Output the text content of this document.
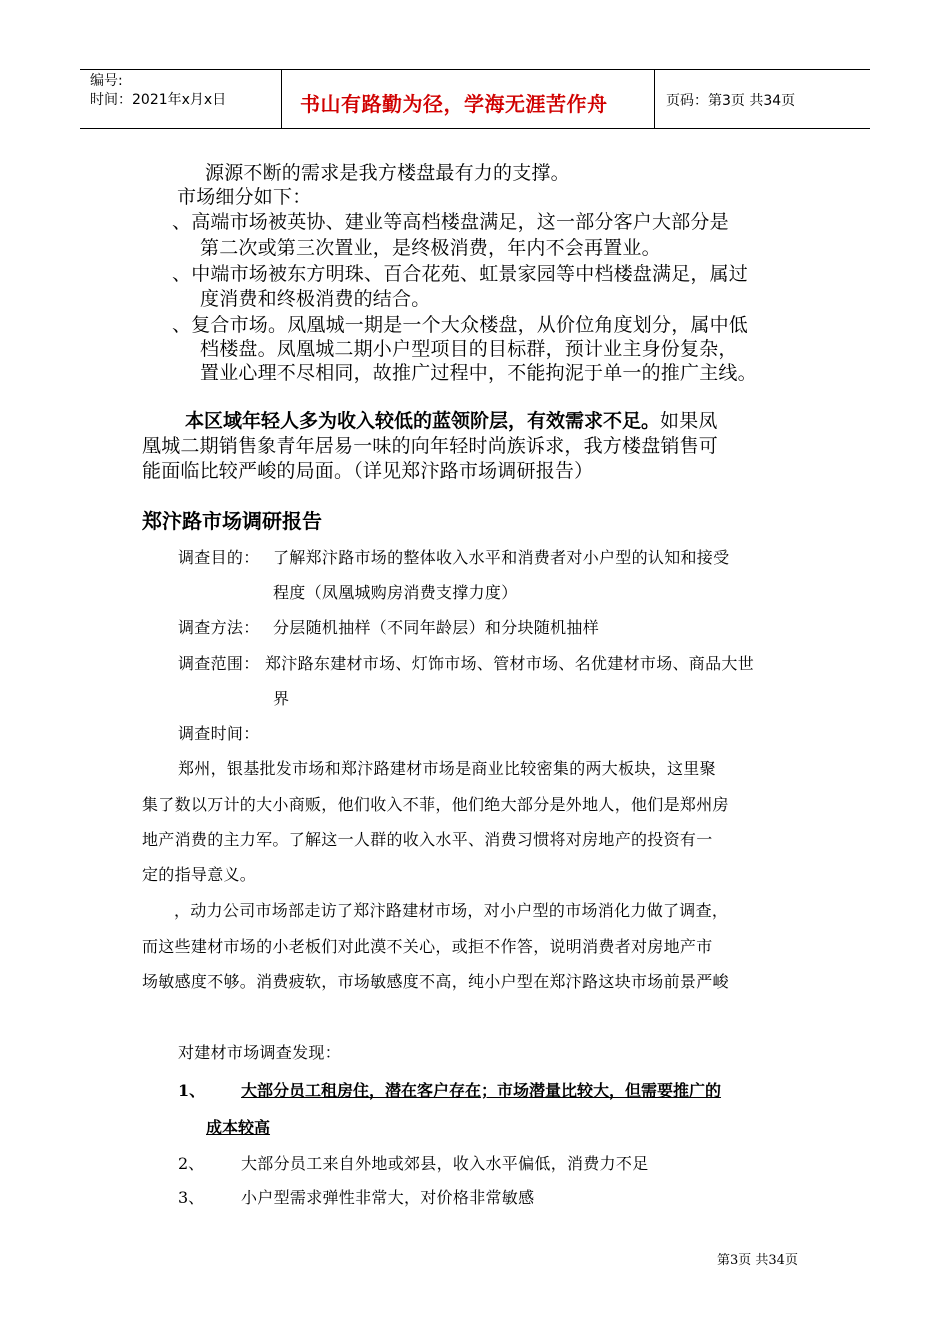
编号:
时间：2021年x月x日	书山有路勤为径，学海无涯苦作舟	页码：第3页 共34页
源源不断的需求是我方楼盘最有力的支撑。
市场细分如下：
、高端市场被英协、建业等高档楼盘满足，这一部分客户大部分是
第二次或第三次置业，是终极消费，年内不会再置业。
、中端市场被东方明珠、百合花苑、虹景家园等中档楼盘满足，属过
度消费和终极消费的结合。
、复合市场。凤凰城一期是一个大众楼盘，从价位角度划分，属中低
档楼盘。凤凰城二期小户型项目的目标群，预计业主身份复杂，
置业心理不尽相同，故推广过程中，不能拘泥于单一的推广主线。
本区域年轻人多为收入较低的蓝领阶层，有效需求不足。如果凤
凰城二期销售象青年居易一味的向年轻时尚族诉求，我方楼盘销售可
能面临比较严峻的局面。（详见郑汴路市场调研报告）
郑汴路市场调研报告
调查目的： 了解郑汴路市场的整体收入水平和消费者对小户型的认知和接受
程度（凤凰城购房消费支撑力度）
调查方法： 分层随机抽样（不同年龄层）和分块随机抽样
调查范围： 郑汴路东建材市场、灯饰市场、管材市场、名优建材市场、商品大世
界
调查时间：
郑州，银基批发市场和郑汴路建材市场是商业比较密集的两大板块，这里聚
集了数以万计的大小商贩，他们收入不菲，他们绝大部分是外地人，他们是郑州房
地产消费的主力军。了解这一人群的收入水平、消费习惯将对房地产的投资有一
定的指导意义。
，动力公司市场部走访了郑汴路建材市场，对小户型的市场消化力做了调查，
而这些建材市场的小老板们对此漠不关心，或拒不作答，说明消费者对房地产市
场敏感度不够。消费疲软，市场敏感度不高，纯小户型在郑汴路这块市场前景严峻
对建材市场调查发现：
1、 大部分员工租房住，潜在客户存在；市场潜量比较大，但需要推广的
成本较高
2、 大部分员工来自外地或郊县，收入水平偏低，消费力不足
3、 小户型需求弹性非常大，对价格非常敏感
第3页 共34页
